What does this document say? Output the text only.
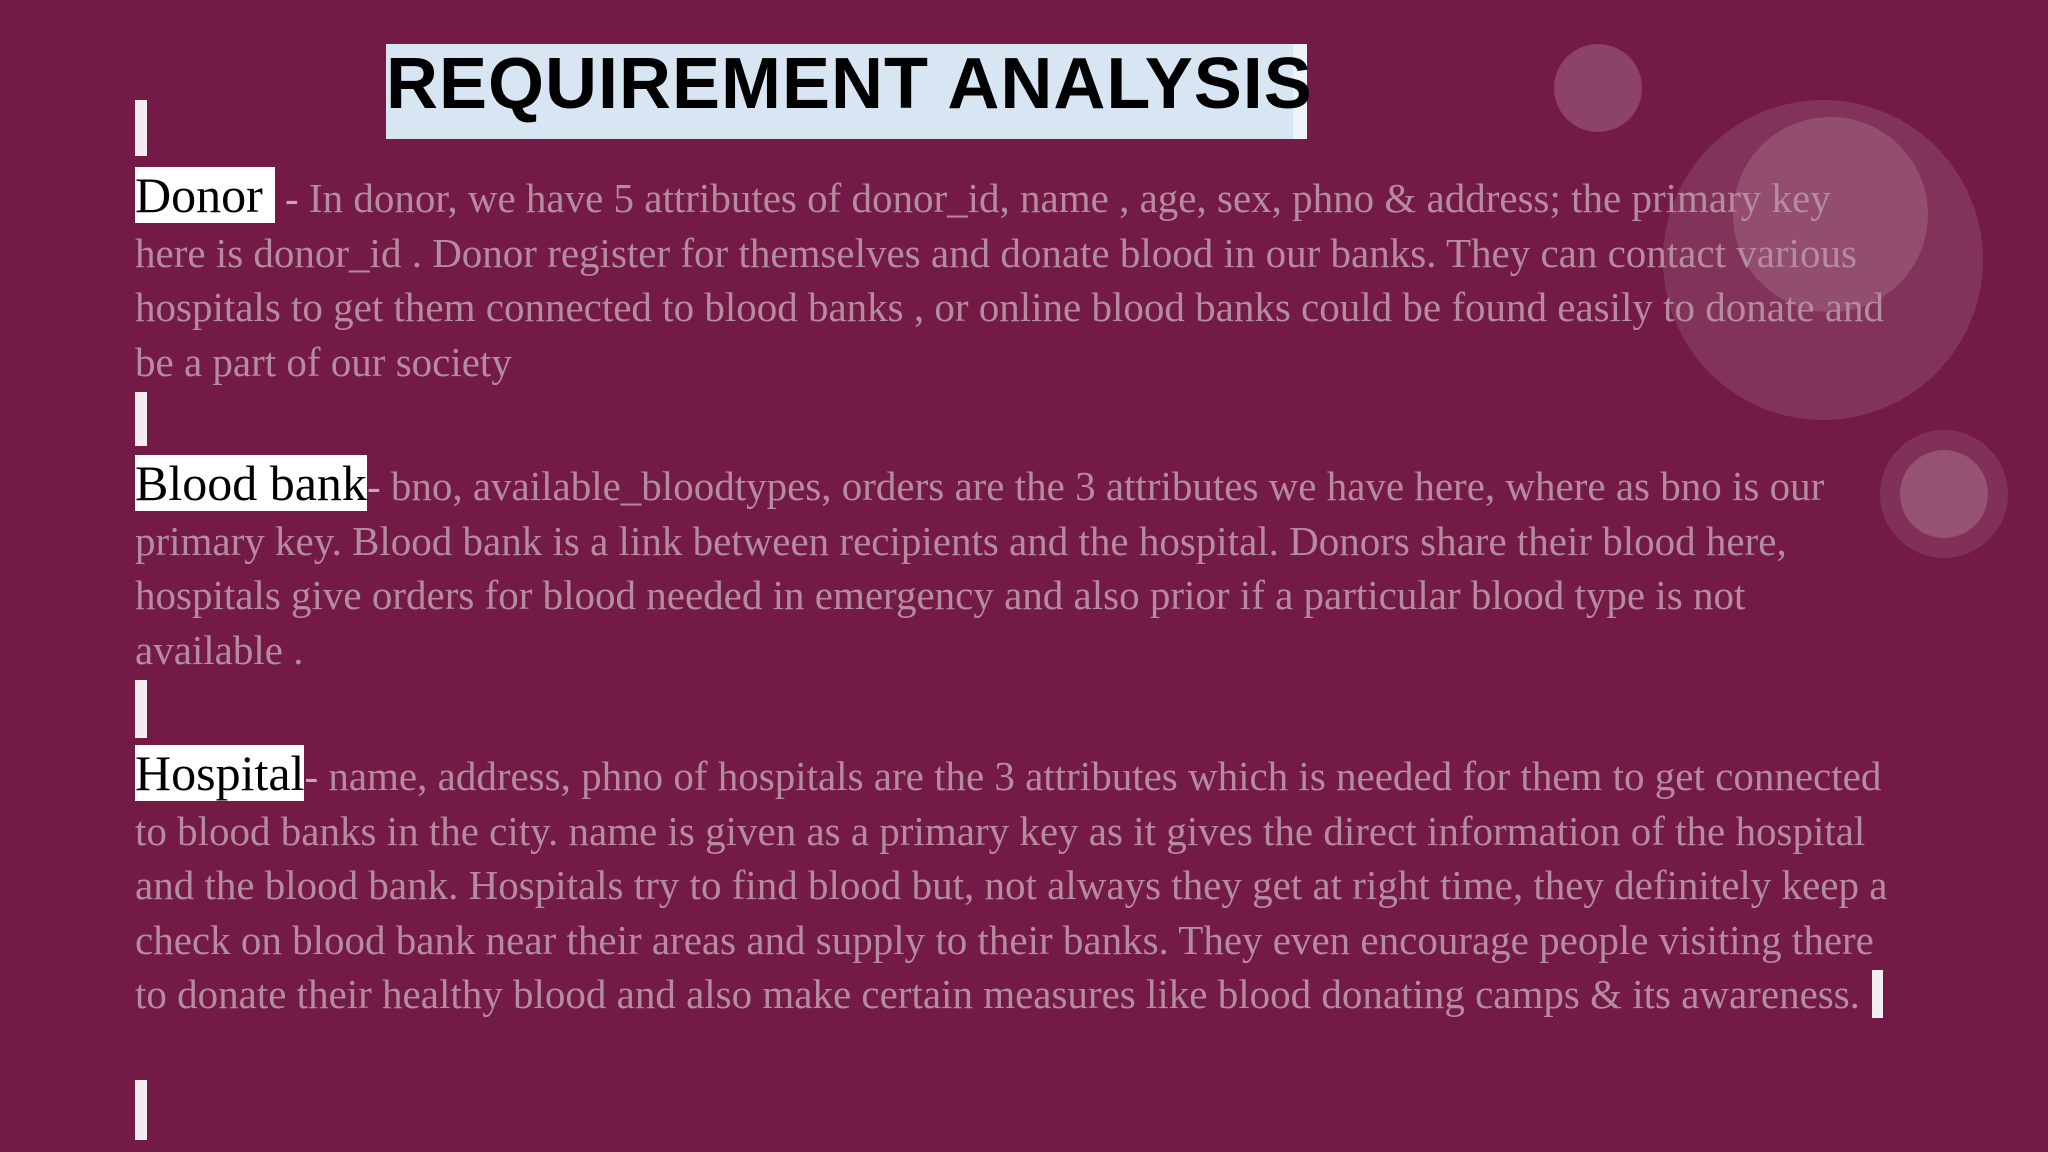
REQUIREMENT ANALYSIS
Donor - In donor, we have 5 attributes of donor_id, name , age, sex, phno & address; the primary key here is donor_id . Donor register for themselves and donate blood in our banks. They can contact various hospitals to get them connected to blood banks , or online blood banks could be found easily to donate and be a part of our society
Blood bank- bno, available_bloodtypes, orders are the 3 attributes we have here, where as bno is our primary key. Blood bank is a link between recipients and the hospital. Donors share their blood here, hospitals give orders for blood needed in emergency and also prior if a particular blood type is not available .
Hospital- name, address, phno of hospitals are the 3 attributes which is needed for them to get connected to blood banks in the city. name is given as a primary key as it gives the direct information of the hospital and the blood bank. Hospitals try to find blood but, not always they get at right time, they definitely keep a check on blood bank near their areas and supply to their banks. They even encourage people visiting there to donate their healthy blood and also make certain measures like blood donating camps & its awareness.
